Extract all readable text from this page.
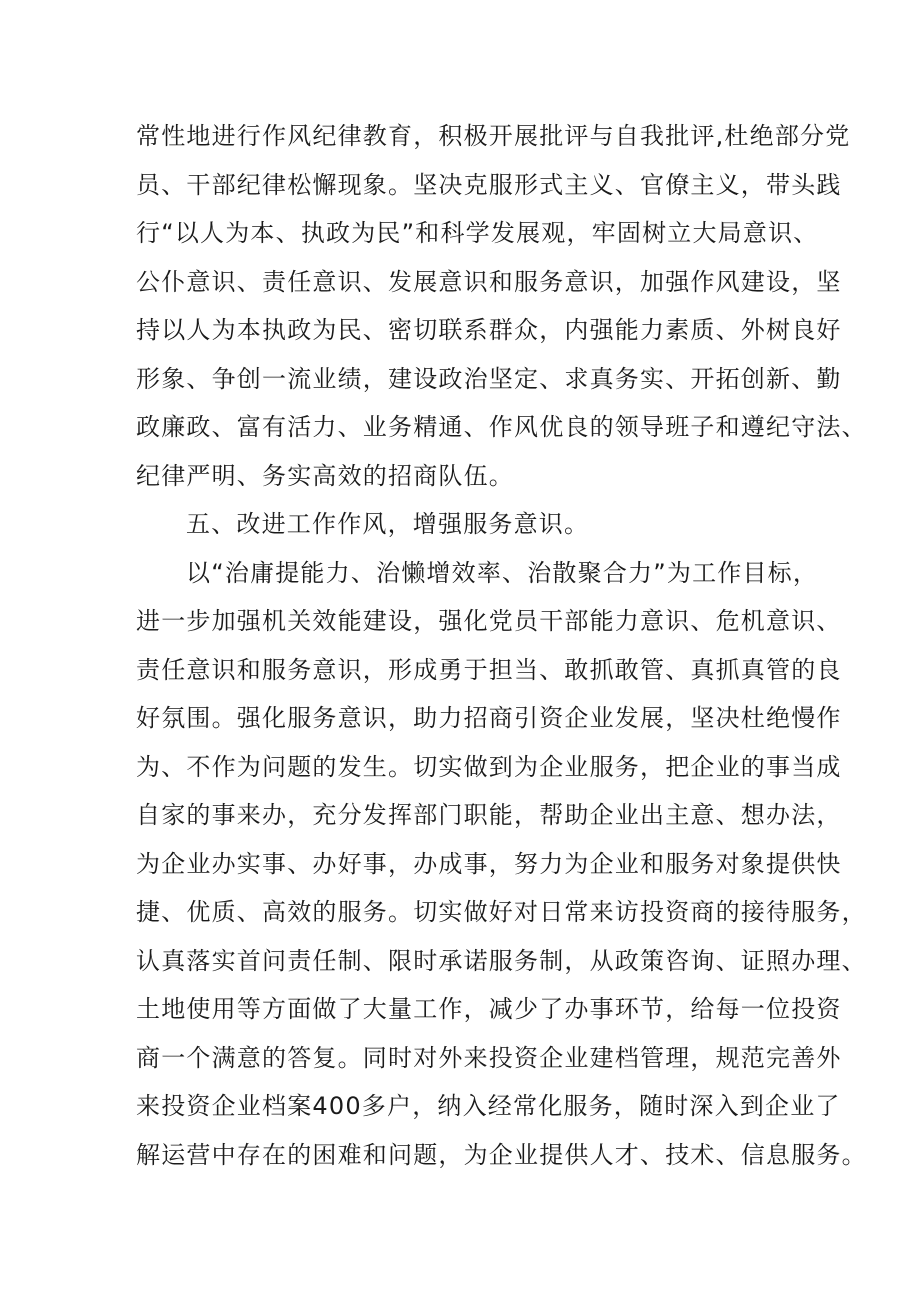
常性地进行作风纪律教育，积极开展批评与自我批评,杜绝部分党
员、干部纪律松懈现象。坚决克服形式主义、官僚主义，带头践
行“以人为本、执政为民”和科学发展观，牢固树立大局意识、
公仆意识、责任意识、发展意识和服务意识，加强作风建设，坚
持以人为本执政为民、密切联系群众，内强能力素质、外树良好
形象、争创一流业绩，建设政治坚定、求真务实、开拓创新、勤
政廉政、富有活力、业务精通、作风优良的领导班子和遵纪守法、
纪律严明、务实高效的招商队伍。
五、改进工作作风，增强服务意识。
以“治庸提能力、治懒增效率、治散聚合力”为工作目标，
进一步加强机关效能建设，强化党员干部能力意识、危机意识、
责任意识和服务意识，形成勇于担当、敢抓敢管、真抓真管的良
好氛围。强化服务意识，助力招商引资企业发展，坚决杜绝慢作
为、不作为问题的发生。切实做到为企业服务，把企业的事当成
自家的事来办，充分发挥部门职能，帮助企业出主意、想办法，
为企业办实事、办好事，办成事，努力为企业和服务对象提供快
捷、优质、高效的服务。切实做好对日常来访投资商的接待服务，
认真落实首问责任制、限时承诺服务制，从政策咨询、证照办理、
土地使用等方面做了大量工作，减少了办事环节，给每一位投资
商一个满意的答复。同时对外来投资企业建档管理，规范完善外
来投资企业档案400多户，纳入经常化服务，随时深入到企业了
解运营中存在的困难和问题，为企业提供人才、技术、信息服务。
